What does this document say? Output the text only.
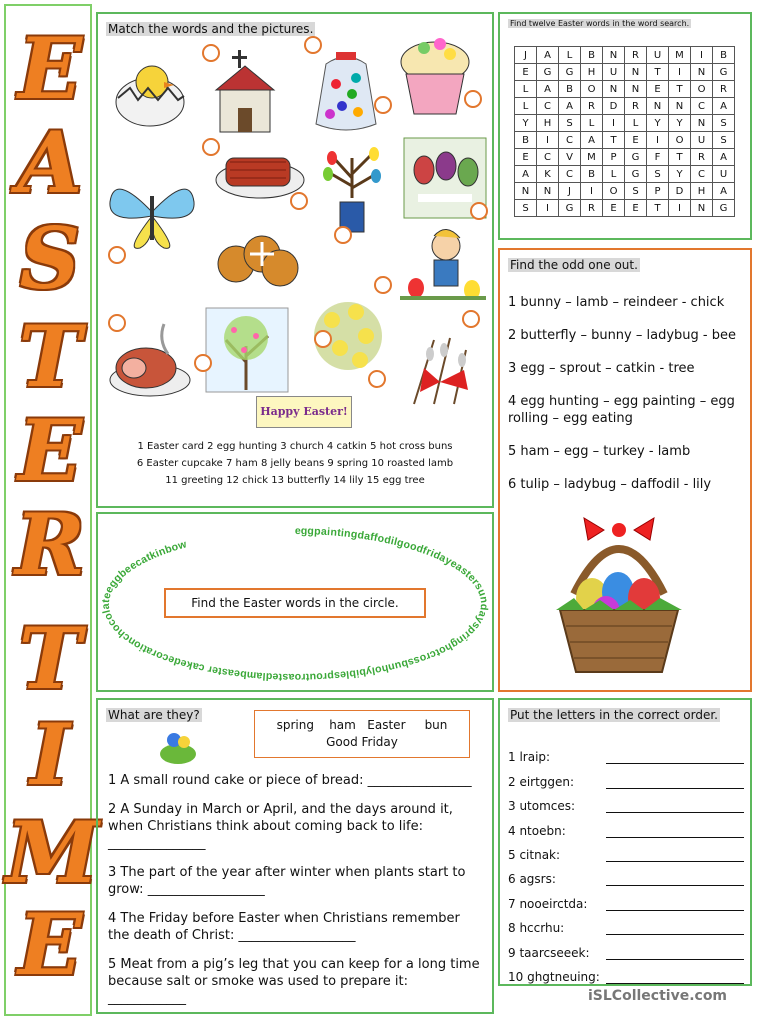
E
A
S
T
E
R
T
I
M
E
Match the words and the pictures.
Happy Easter!
1 Easter card 2 egg hunting 3 church 4 catkin 5 hot cross buns
6 Easter cupcake 7 ham 8 jelly beans 9 spring 10 roasted lamb
11 greeting 12 chick 13 butterfly 14 lily 15 egg tree
Find twelve Easter words in the word search.
J	A	L	B	N	R	U	M	I	B
E	G	G	H	U	N	T	I	N	G
L	A	B	O	N	N	E	T	O	R
L	C	A	R	D	R	N	N	C	A
Y	H	S	L	I	L	Y	Y	N	S
B	I	C	A	T	E	I	O	U	S
E	C	V	M	P	G	F	T	R	A
A	K	C	B	L	G	S	Y	C	U
N	N	J	I	O	S	P	D	H	A
S	I	G	R	E	E	T	I	N	G
Find the odd one out.
1 bunny – lamb – reindeer - chick
2 butterfly – bunny – ladybug - bee
3 egg – sprout – catkin - tree
4 egg hunting – egg painting – egg rolling – egg eating
5 ham – egg – turkey - lamb
6 tulip – ladybug – daffodil - lily
eggpaintingdaffodilgoodfridayeastersundayspringhotcrossbunholybiblesproutroastedlambeaster cakedecorationchocolateeggbeecatkinbow
Find the Easter words in the circle.
What are they?
spring    ham   Easter     bun
Good Friday
1 A small round cake or piece of bread: ________________
2 A Sunday in March or April, and the days around it, when Christians think about coming back to life: _______________
3 The part of the year after winter when plants start to grow: __________________
4 The Friday before Easter when Christians remember the death of Christ: __________________
5 Meat from a pig’s leg that you can keep for a long time because salt or smoke was used to prepare it: ____________
Put the letters in the correct order.
1 lraip:
2 eirtggen:
3 utomces:
4 ntoebn:
5 citnak:
6 agsrs:
7 nooeirctda:
8 hccrhu:
9 taarcseeek:
10 ghgtneuing:
iSLCollective.com
